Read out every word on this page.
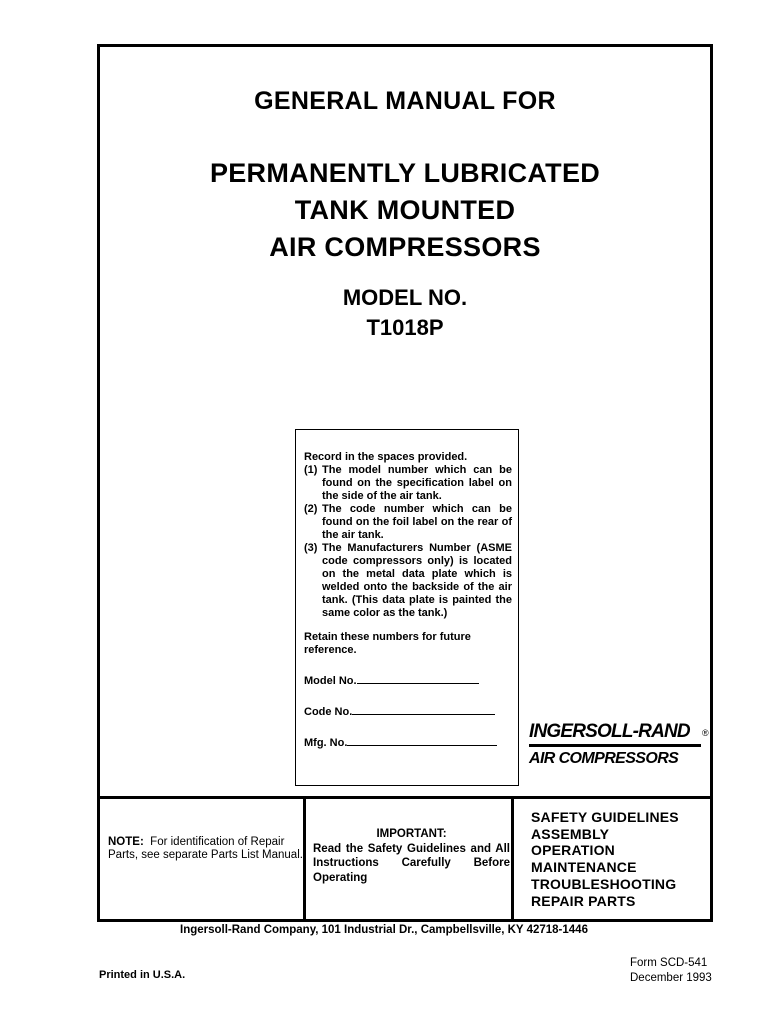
GENERAL MANUAL FOR
PERMANENTLY LUBRICATED
TANK MOUNTED
AIR COMPRESSORS
MODEL NO.
T1018P

Record in the spaces provided.

(1) The model number which can be found on the specification label on the side of the air tank.
(2) The code number which can be found on the foil label on the rear of the air tank.
(3) The Manufacturers Number (ASME code compressors only) is located on the metal data plate which is welded onto the backside of the air tank. (This data plate is painted the same color as the tank.)
Retain these numbers for future reference.
Model No.
Code No.
Mfg. No.
INGERSOLL-RAND ®
AIR COMPRESSORS
NOTE: For identification of Repair Parts, see separate Parts List Manual.
IMPORTANT:
Read the Safety Guidelines and All Instructions Carefully Before Operating
SAFETY GUIDELINES
ASSEMBLY
OPERATION
MAINTENANCE
TROUBLESHOOTING
REPAIR PARTS
Ingersoll-Rand Company, 101 Industrial Dr., Campbellsville, KY 42718-1446
Printed in U.S.A.
Form SCD-541
December 1993
